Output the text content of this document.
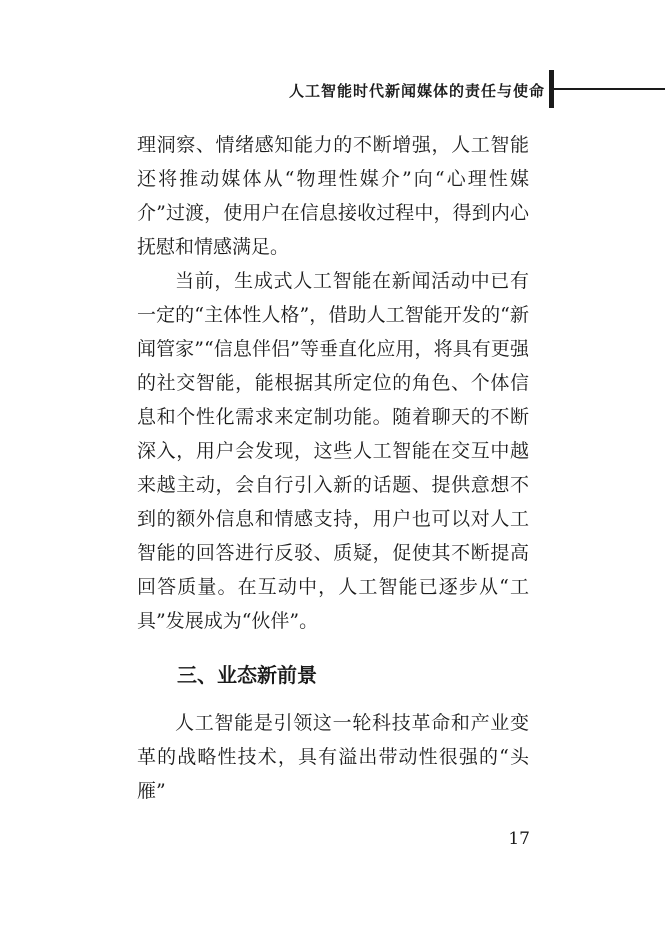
人工智能时代新闻媒体的责任与使命

理洞察、情绪感知能力的不断增强，人工智能还将推动媒体从“物理性媒介”向“心理性媒介”过渡，使用户在信息接收过程中，得到内心抚慰和情感满足。

当前，生成式人工智能在新闻活动中已有一定的“主体性人格”，借助人工智能开发的“新闻管家”“信息伴侣”等垂直化应用，将具有更强的社交智能，能根据其所定位的角色、个体信息和个性化需求来定制功能。随着聊天的不断深入，用户会发现，这些人工智能在交互中越来越主动，会自行引入新的话题、提供意想不到的额外信息和情感支持，用户也可以对人工智能的回答进行反驳、质疑，促使其不断提高回答质量。在互动中，人工智能已逐步从“工具”发展成为“伙伴”。

三、业态新前景

人工智能是引领这一轮科技革命和产业变革的战略性技术，具有溢出带动性很强的“头雁”

17
